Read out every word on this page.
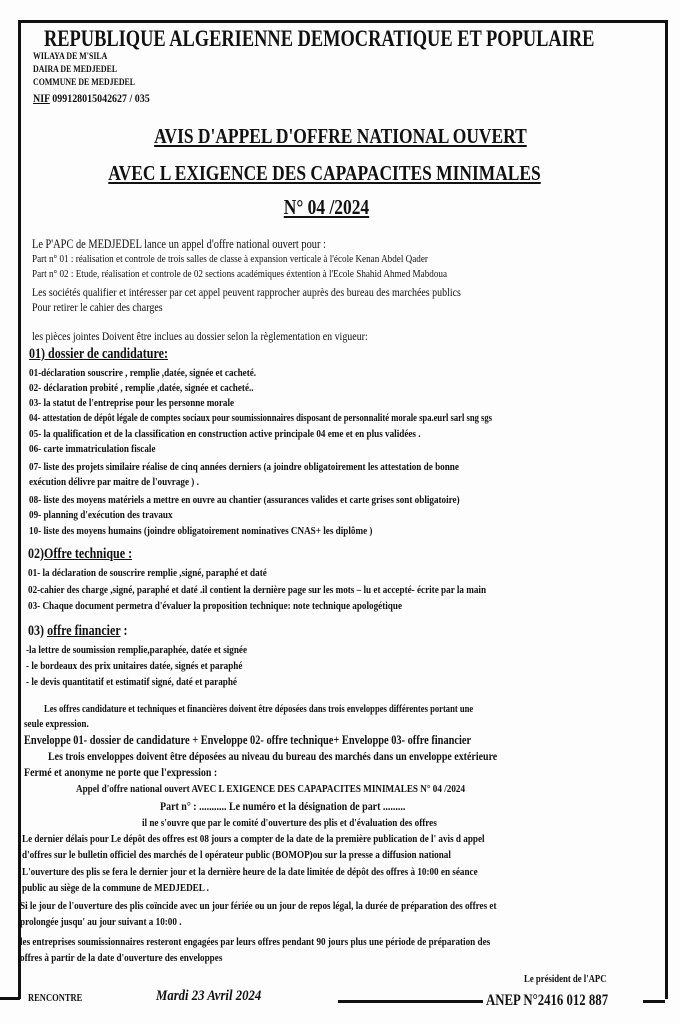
REPUBLIQUE ALGERIENNE DEMOCRATIQUE ET POPULAIRE
WILAYA DE M'SILA
DAIRA DE MEDJEDEL
COMMUNE DE MEDJEDEL
NIF 099128015042627 / 035
AVIS D'APPEL D'OFFRE NATIONAL OUVERT
AVEC L EXIGENCE DES CAPAPACITES MINIMALES
N° 04 /2024
Le P'APC de MEDJEDEL lance un appel d'offre national ouvert pour :
Part n° 01 : réalisation et controle de trois salles de classe à expansion verticale à l'école Kenan Abdel Qader
Part n° 02 : Etude, réalisation et controle de 02 sections académiques éxtention à l'Ecole Shahid Ahmed Mabdoua
Les sociétés qualifier et intéresser par cet appel peuvent rapprocher auprès des bureau des marchées publics
Pour retirer le cahier des charges
les pièces jointes Doivent être inclues au dossier selon la règlementation en vigueur:
01) dossier de candidature:
01-déclaration souscrire , remplie ,datée, signée et cacheté.
02- déclaration probité , remplie ,datée, signée et cacheté..
03- la statut de l'entreprise pour les personne morale
04- attestation de dépôt légale de comptes sociaux pour soumissionnaires disposant de personnalité morale spa.eurl sarl sng sgs
05- la qualification et de la classification en construction active principale 04 eme et en plus validées .
06- carte immatriculation fiscale
07- liste des projets similaire réalise de cinq années derniers (a joindre obligatoirement les attestation de bonne
exécution délivre par maitre de l'ouvrage ) .
08- liste des moyens matériels a mettre en ouvre au chantier (assurances valides et carte grises sont obligatoire)
09- planning d'exécution des travaux
10- liste des moyens humains (joindre obligatoirement nominatives CNAS+ les diplôme )
02)Offre technique :
01- la déclaration de souscrire remplie ,signé, paraphé et daté
02-cahier des charge ,signé, paraphé et daté .il contient la dernière page sur les mots – lu et accepté- écrite par la main
03- Chaque document permetra d'évaluer la proposition technique: note technique apologétique
03) offre financier :
-la lettre de soumission remplie,paraphée, datée et signée
- le bordeaux des prix unitaires datée, signés et paraphé
- le devis quantitatif et estimatif signé, daté et paraphé
Les offres candidature et techniques et financières doivent être déposées dans trois enveloppes différentes portant une
seule expression.
Enveloppe 01- dossier de candidature + Enveloppe 02- offre technique+ Enveloppe 03- offre financier
Les trois enveloppes doivent être déposées au niveau du bureau des marchés dans un enveloppe extérieure
Fermé et anonyme ne porte que l'expression :
Appel d'offre national ouvert AVEC L EXIGENCE DES CAPAPACITES MINIMALES N° 04 /2024
Part n° : ........... Le numéro et la désignation de part .........
il ne s'ouvre que par le comité d'ouverture des plis et d'évaluation des offres
Le dernier délais pour Le dépôt des offres est 08 jours a compter de la date de la première publication de l' avis d appel
d'offres sur le bulletin officiel des marchés de l opérateur public (BOMOP)ou sur la presse a diffusion national
L'ouverture des plis se fera le dernier jour et la dernière heure de la date limitée de dépôt des offres à 10:00 en séance
public au siège de la commune de MEDJEDEL .
Si le jour de l'ouverture des plis coïncide avec un jour fériée ou un jour de repos légal, la durée de préparation des offres et
prolongée jusqu' au jour suivant a 10:00 .
les entreprises soumissionnaires resteront engagées par leurs offres pendant 90 jours plus une période de préparation des
offres à partir de la date d'ouverture des enveloppes
Le président de l'APC
RENCONTRE	Mardi 23 Avril 2024	ANEP N°2416 012 887
